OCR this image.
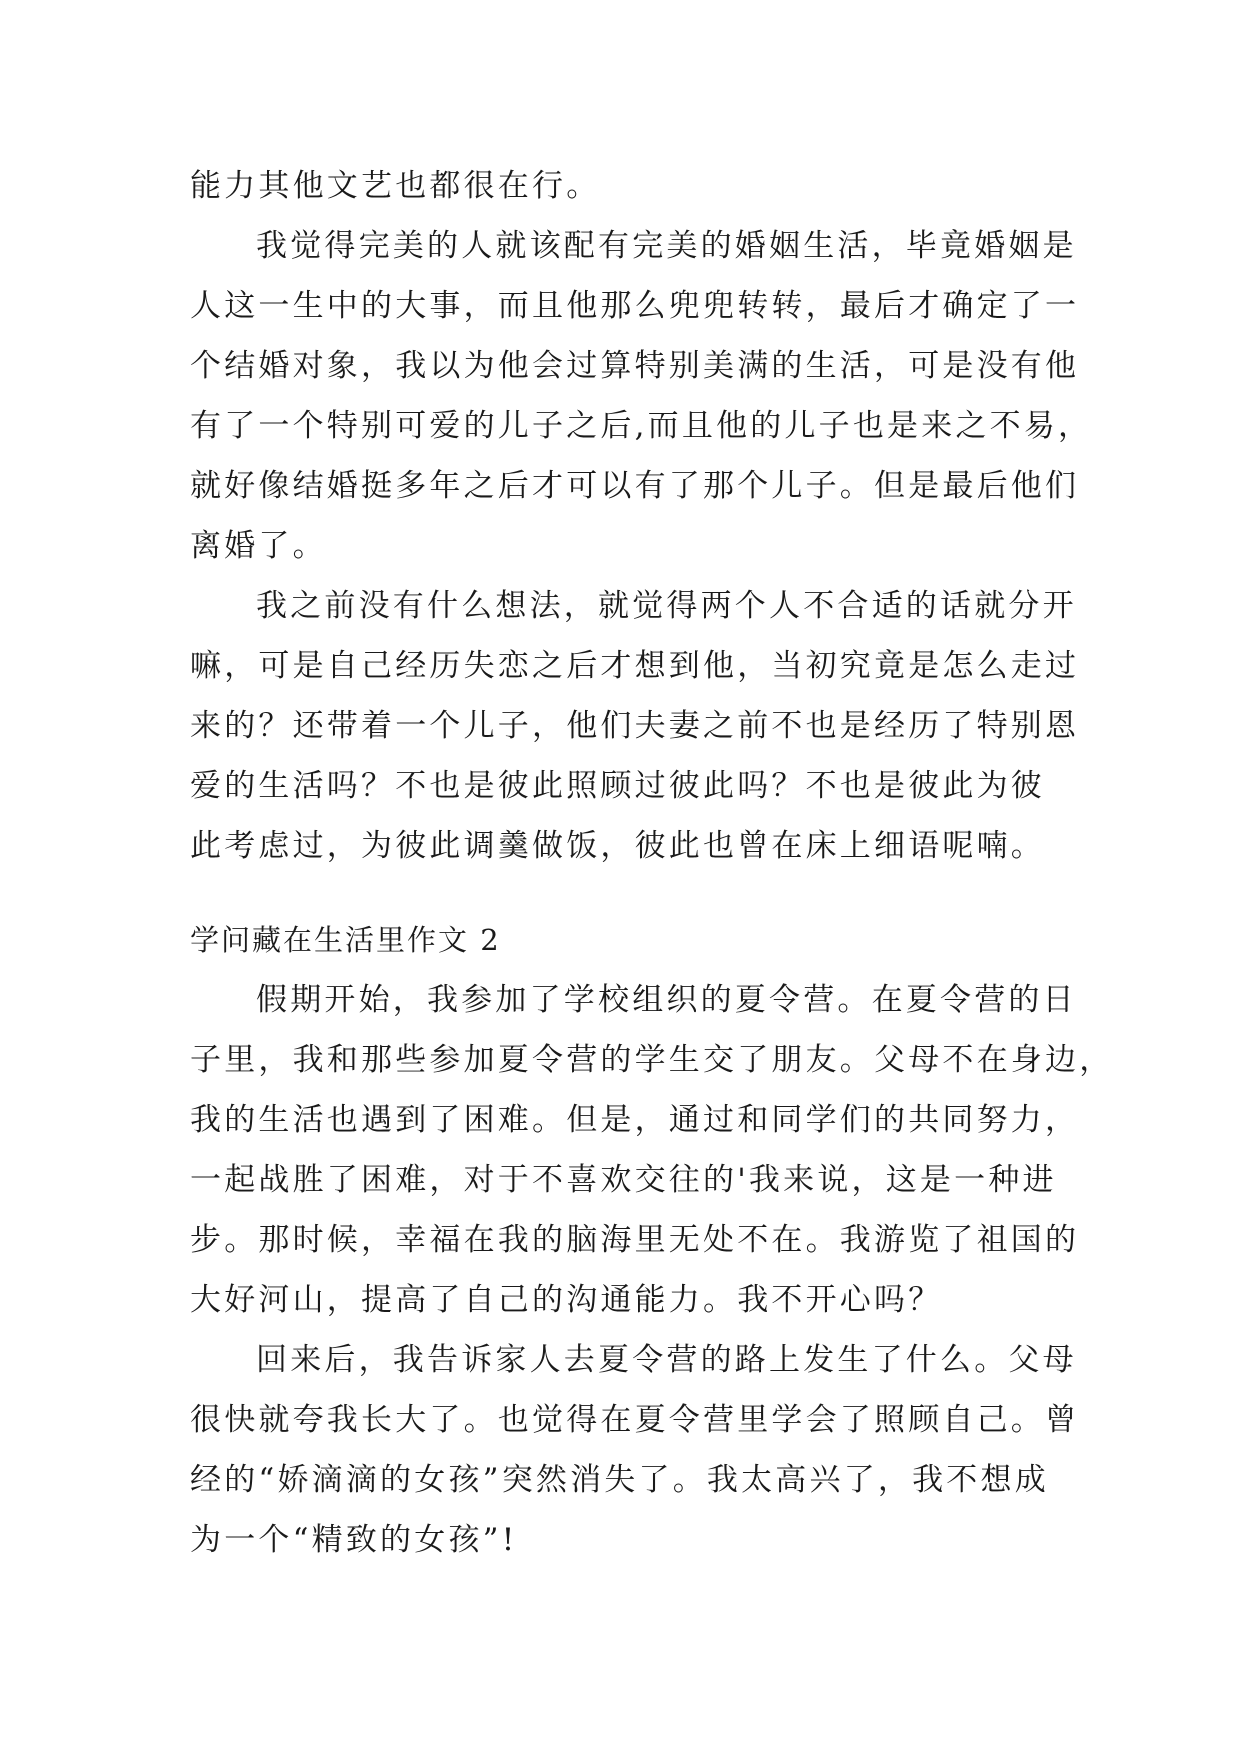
能力其他文艺也都很在行。
我觉得完美的人就该配有完美的婚姻生活，毕竟婚姻是
人这一生中的大事，而且他那么兜兜转转，最后才确定了一
个结婚对象，我以为他会过算特别美满的生活，可是没有他
有了一个特别可爱的儿子之后,而且他的儿子也是来之不易，
就好像结婚挺多年之后才可以有了那个儿子。但是最后他们
离婚了。
我之前没有什么想法，就觉得两个人不合适的话就分开
嘛，可是自己经历失恋之后才想到他，当初究竟是怎么走过
来的？还带着一个儿子，他们夫妻之前不也是经历了特别恩
爱的生活吗？不也是彼此照顾过彼此吗？不也是彼此为彼
此考虑过，为彼此调羹做饭，彼此也曾在床上细语呢喃。
学问藏在生活里作文 2
假期开始，我参加了学校组织的夏令营。在夏令营的日
子里，我和那些参加夏令营的学生交了朋友。父母不在身边，
我的生活也遇到了困难。但是，通过和同学们的共同努力，
一起战胜了困难，对于不喜欢交往的'我来说，这是一种进
步。那时候，幸福在我的脑海里无处不在。我游览了祖国的
大好河山，提高了自己的沟通能力。我不开心吗？
回来后，我告诉家人去夏令营的路上发生了什么。父母
很快就夸我长大了。也觉得在夏令营里学会了照顾自己。曾
经的“娇滴滴的女孩”突然消失了。我太高兴了，我不想成
为一个“精致的女孩”!
